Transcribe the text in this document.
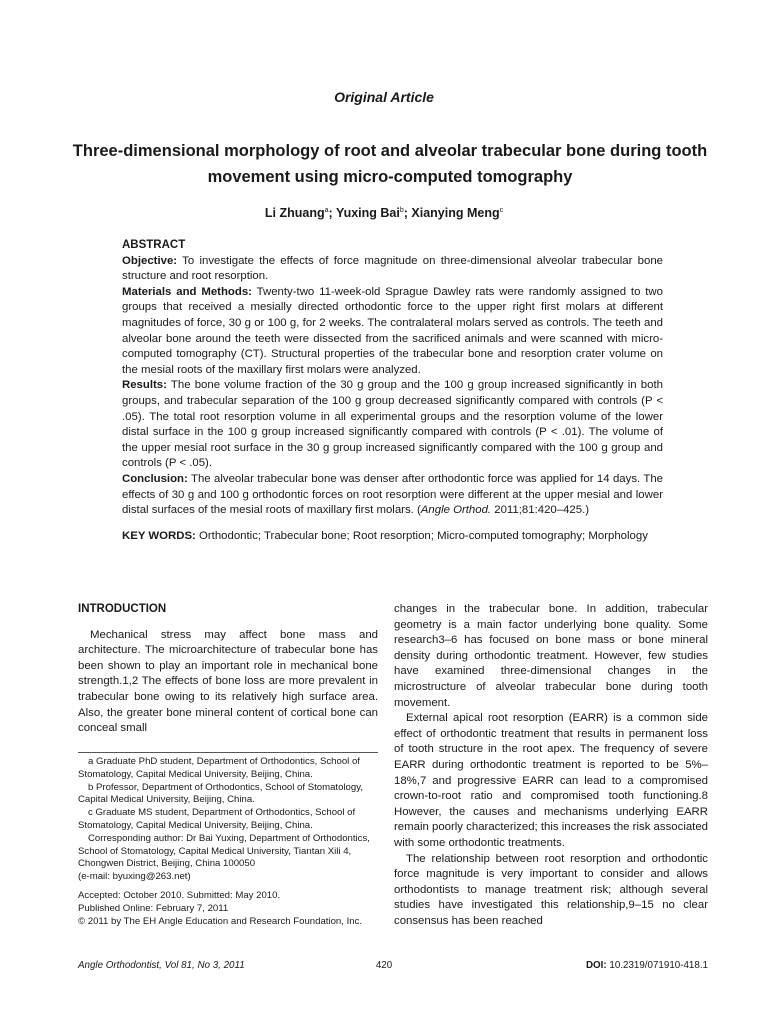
Original Article
Three-dimensional morphology of root and alveolar trabecular bone during tooth movement using micro-computed tomography
Li Zhuang$^a$; Yuxing Bai$^b$; Xianying Meng$^c$

ABSTRACT

Objective: To investigate the effects of force magnitude on three-dimensional alveolar trabecular bone structure and root resorption.

Materials and Methods: Twenty-two 11-week-old Sprague Dawley rats were randomly assigned to two groups that received a mesially directed orthodontic force to the upper right first molars at different magnitudes of force, 30 g or 100 g, for 2 weeks. The contralateral molars served as controls. The teeth and alveolar bone around the teeth were dissected from the sacrificed animals and were scanned with micro-computed tomography (CT). Structural properties of the trabecular bone and resorption crater volume on the mesial roots of the maxillary first molars were analyzed.

Results: The bone volume fraction of the 30 g group and the 100 g group increased significantly in both groups, and trabecular separation of the 100 g group decreased significantly compared with controls (P < .05). The total root resorption volume in all experimental groups and the resorption volume of the lower distal surface in the 100 g group increased significantly compared with controls (P < .01). The volume of the upper mesial root surface in the 30 g group increased significantly compared with the 100 g group and controls (P < .05).

Conclusion: The alveolar trabecular bone was denser after orthodontic force was applied for 14 days. The effects of 30 g and 100 g orthodontic forces on root resorption were different at the upper mesial and lower distal surfaces of the mesial roots of maxillary first molars. (Angle Orthod. 2011;81:420–425.)

KEY WORDS: Orthodontic; Trabecular bone; Root resorption; Micro-computed tomography; Morphology

INTRODUCTION

Mechanical stress may affect bone mass and architecture. The microarchitecture of trabecular bone has been shown to play an important role in mechanical bone strength.1,2 The effects of bone loss are more prevalent in trabecular bone owing to its relatively high surface area. Also, the greater bone mineral content of cortical bone can conceal small

a Graduate PhD student, Department of Orthodontics, School of Stomatology, Capital Medical University, Beijing, China.

b Professor, Department of Orthodontics, School of Stomatology, Capital Medical University, Beijing, China.

c Graduate MS student, Department of Orthodontics, School of Stomatology, Capital Medical University, Beijing, China.

Corresponding author: Dr Bai Yuxing, Department of Orthodontics, School of Stomatology, Capital Medical University, Tiantan Xili 4, Chongwen District, Beijing, China 100050

(e-mail: byuxing@263.net)

Accepted: October 2010. Submitted: May 2010.

Published Online: February 7, 2011

© 2011 by The EH Angle Education and Research Foundation, Inc.

changes in the trabecular bone. In addition, trabecular geometry is a main factor underlying bone quality. Some research3–6 has focused on bone mass or bone mineral density during orthodontic treatment. However, few studies have examined three-dimensional changes in the microstructure of alveolar trabecular bone during tooth movement.

External apical root resorption (EARR) is a common side effect of orthodontic treatment that results in permanent loss of tooth structure in the root apex. The frequency of severe EARR during orthodontic treatment is reported to be 5%–18%,7 and progressive EARR can lead to a compromised crown-to-root ratio and compromised tooth functioning.8 However, the causes and mechanisms underlying EARR remain poorly characterized; this increases the risk associated with some orthodontic treatments.

The relationship between root resorption and orthodontic force magnitude is very important to consider and allows orthodontists to manage treatment risk; although several studies have investigated this relationship,9–15 no clear consensus has been reached

Angle Orthodontist, Vol 81, No 3, 2011	420	DOI: 10.2319/071910-418.1
